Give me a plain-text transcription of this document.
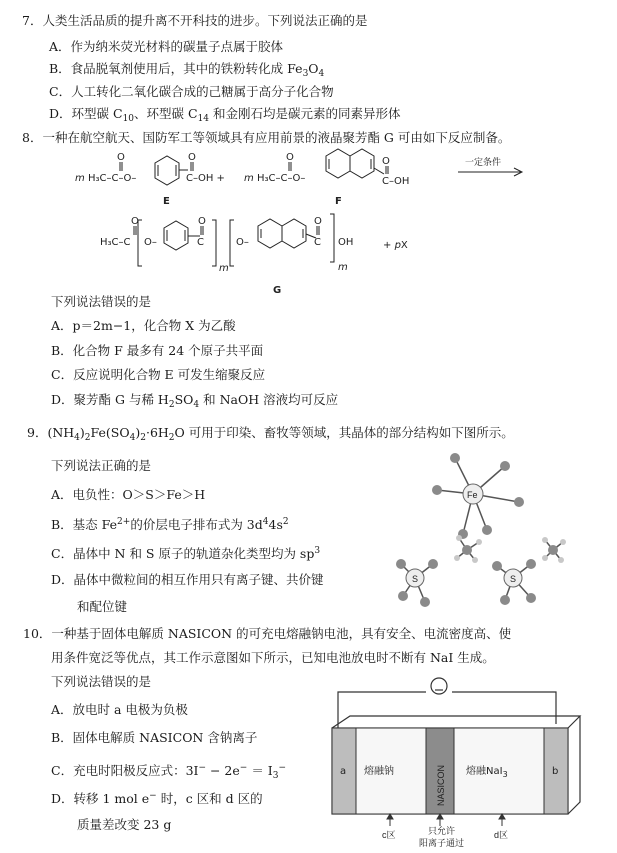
7．人类生活品质的提升离不开科技的进步。下列说法正确的是
A．作为纳米荧光材料的碳量子点属于胶体
B．食品脱氧剂使用后，其中的铁粉转化成 $Fe_3O_4$
C．人工转化二氧化碳合成的己糖属于高分子化合物
D．环型碳 $C_{10}$、环型碳 $C_{14}$ 和金刚石均是碳元素的同素异形体
8．一种在航空航天、国防军工等领域具有应用前景的液晶聚芳酯 G 可由如下反应制备。
m H₃C–C–O–
O	O
C–OH + m H₃C–C–O–
O	O
C–OH
一定条件
E	F
H₃C–C
O
O–
O
C
m
O–
O
C OH
m
+ pX
G
下列说法错误的是
A．p＝2m−1，化合物 X 为乙酸
B．化合物 F 最多有 24 个原子共平面
C．反应说明化合物 E 可发生缩聚反应
D．聚芳酯 G 与稀 $H_2SO_4$ 和 NaOH 溶液均可反应
9．$(NH_4)_2Fe(SO_4)_2\cdot 6H_2O$ 可用于印染、畜牧等领域，其晶体的部分结构如下图所示。
下列说法正确的是
A．电负性：O＞S＞Fe＞H
B．基态 $Fe^{2+}$的价层电子排布式为 $3d^44s^2$
C．晶体中 N 和 S 原子的轨道杂化类型均为 $sp^3$
D．晶体中微粒间的相互作用只有离子键、共价键
和配位键
Fe
S	S
10．一种基于固体电解质 NASICON 的可充电熔融钠电池，具有安全、电流密度高、使
用条件宽泛等优点，其工作示意图如下所示，已知电池放电时不断有 NaI 生成。
下列说法错误的是
A．放电时 a 电极为负极
B．固体电解质 NASICON 含钠离子
C．充电时阳极反应式：$3I^- - 2e^- = I_3^-$
D．转移 1 mol e− 时，c 区和 d 区的
质量差改变 23 g
a 熔融钠	NASICON 熔融NaI$_3$	b
c区	只允许
阳离子通过
d区
